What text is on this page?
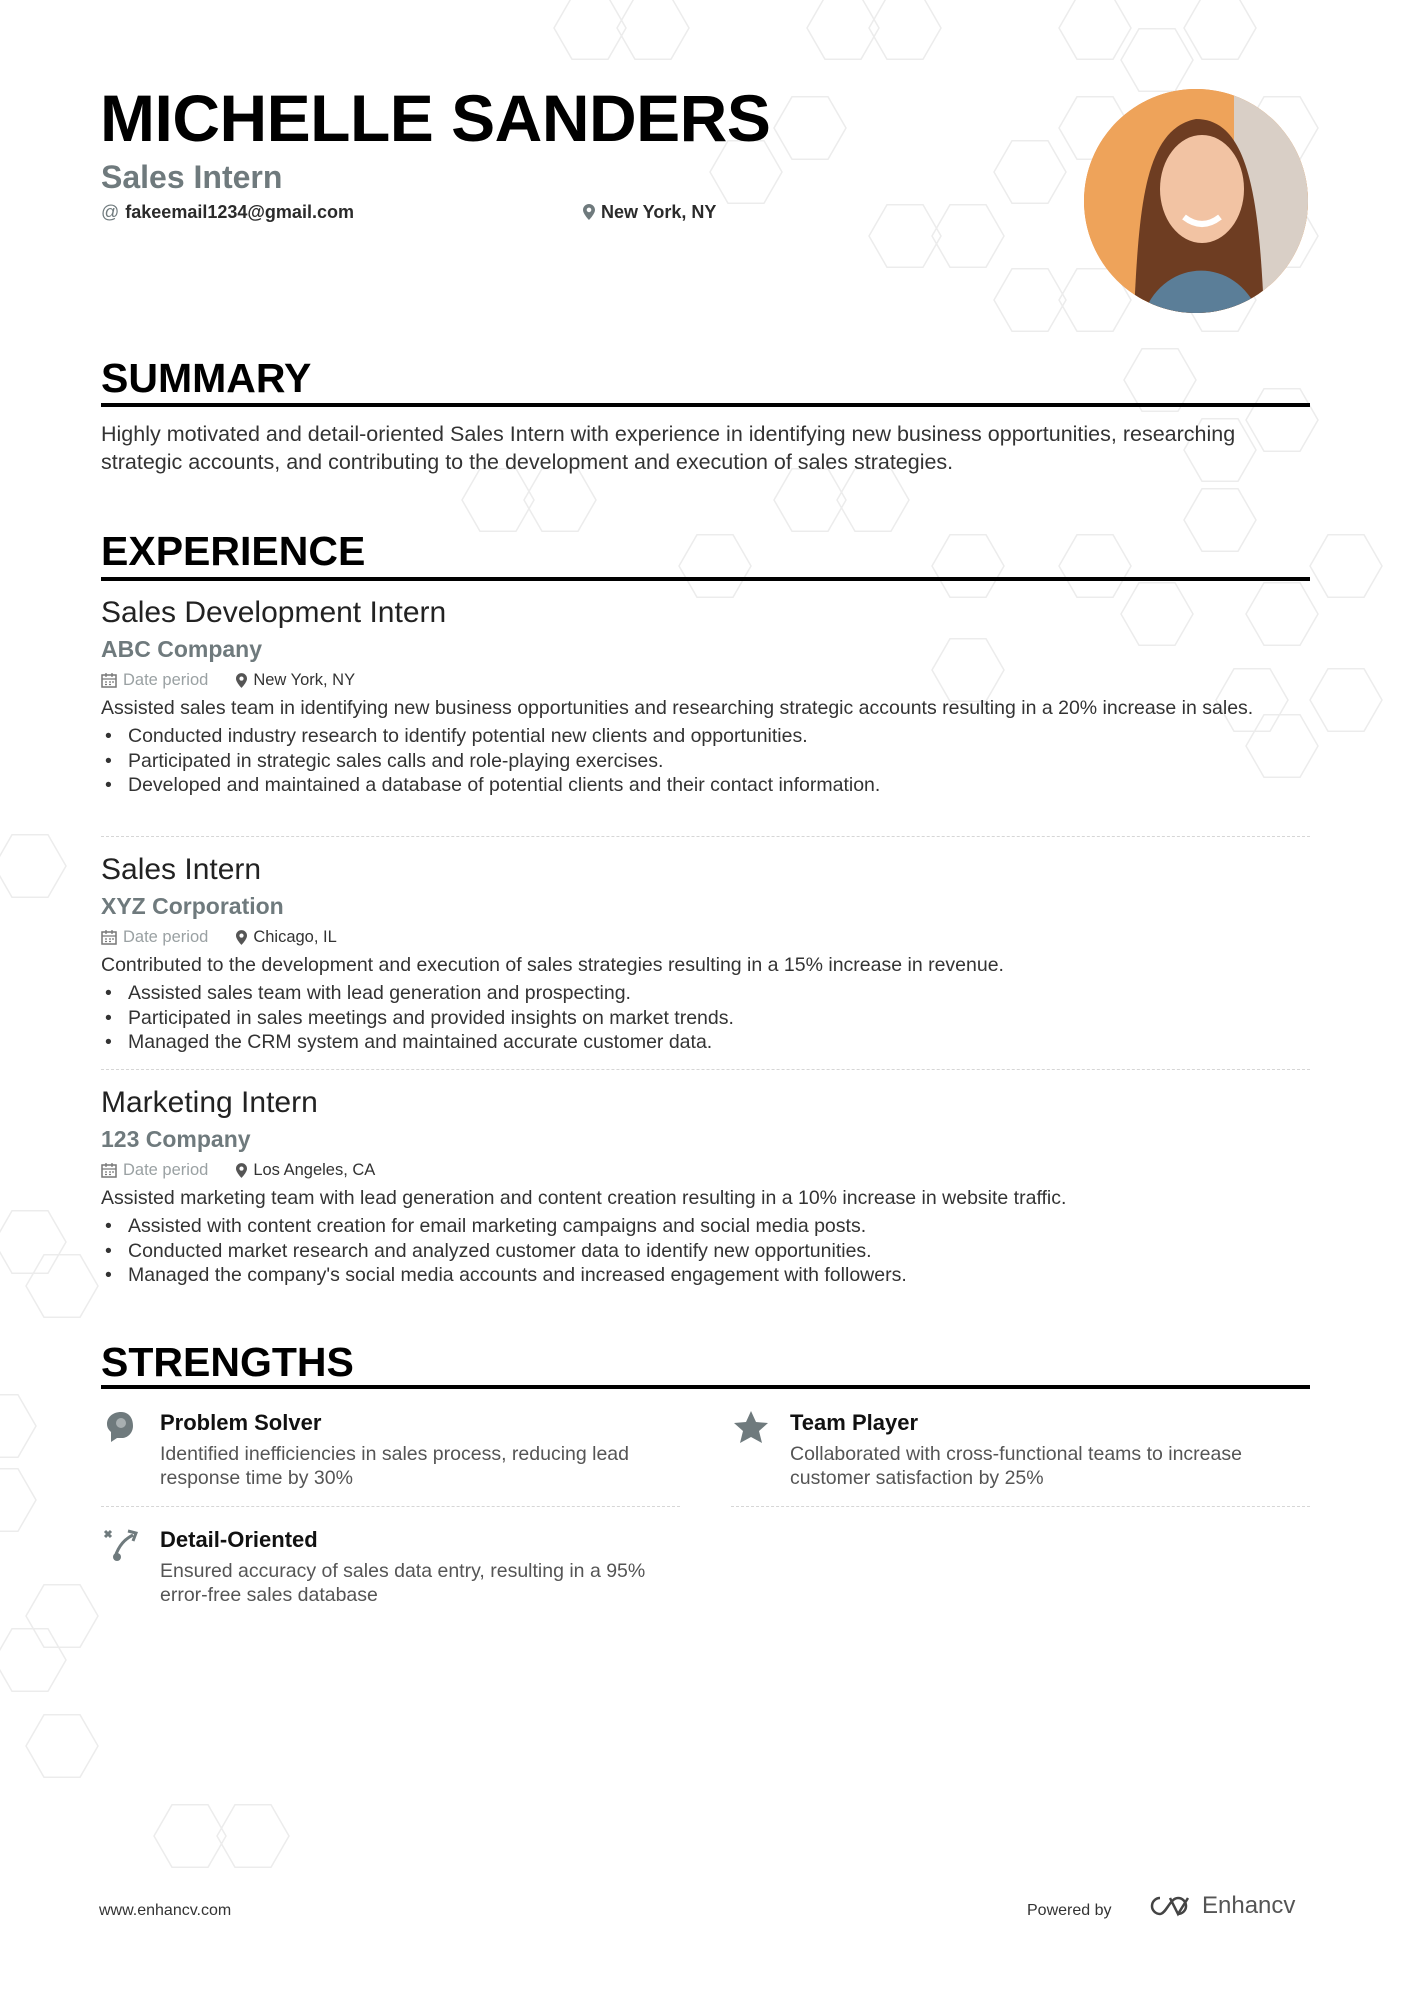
MICHELLE SANDERS
Sales Intern
@ fakeemail1234@gmail.com	New York, NY
SUMMARY
Highly motivated and detail-oriented Sales Intern with experience in identifying new business opportunities, researching strategic accounts, and contributing to the development and execution of sales strategies.
EXPERIENCE
Sales Development Intern
ABC Company
Date period	New York, NY
Assisted sales team in identifying new business opportunities and researching strategic accounts resulting in a 20% increase in sales.
• Conducted industry research to identify potential new clients and opportunities.
• Participated in strategic sales calls and role-playing exercises.
• Developed and maintained a database of potential clients and their contact information.
Sales Intern
XYZ Corporation
Date period	Chicago, IL
Contributed to the development and execution of sales strategies resulting in a 15% increase in revenue.
• Assisted sales team with lead generation and prospecting.
• Participated in sales meetings and provided insights on market trends.
• Managed the CRM system and maintained accurate customer data.
Marketing Intern
123 Company
Date period	Los Angeles, CA
Assisted marketing team with lead generation and content creation resulting in a 10% increase in website traffic.
• Assisted with content creation for email marketing campaigns and social media posts.
• Conducted market research and analyzed customer data to identify new opportunities.
• Managed the company's social media accounts and increased engagement with followers.
STRENGTHS
Problem Solver
Identified inefficiencies in sales process, reducing lead response time by 30%
Team Player
Collaborated with cross-functional teams to increase customer satisfaction by 25%
Detail-Oriented
Ensured accuracy of sales data entry, resulting in a 95% error-free sales database
www.enhancv.com	Powered by	Enhancv
